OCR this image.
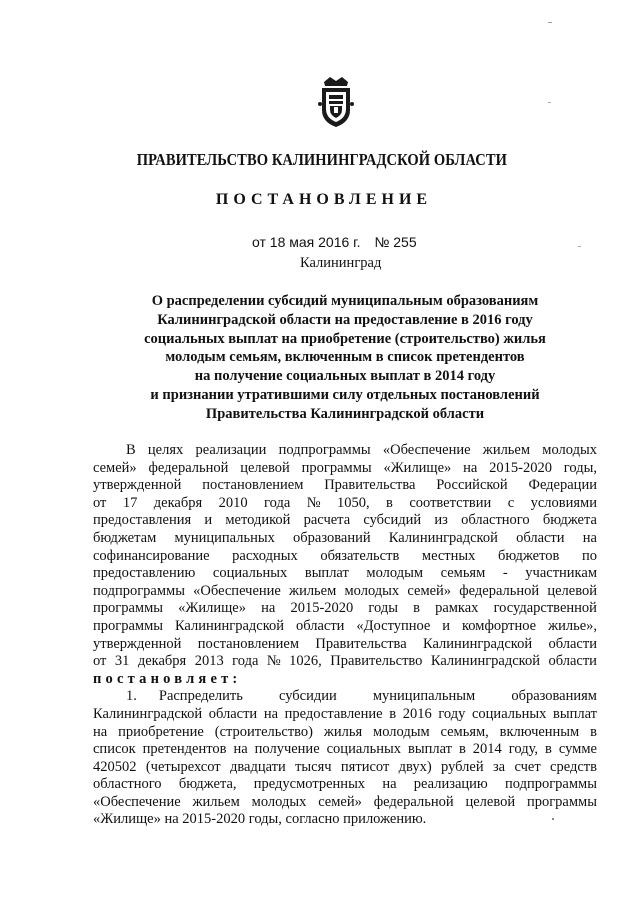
ПРАВИТЕЛЬСТВО КАЛИНИНГРАДСКОЙ ОБЛАСТИ
ПОСТАНОВЛЕНИЕ
от 18 мая 2016 г. № 255
Калининград
О распределении субсидий муниципальным образованиям
Калининградской области на предоставление в 2016 году
социальных выплат на приобретение (строительство) жилья
молодым семьям, включенным в список претендентов
на получение социальных выплат в 2014 году
и признании утратившими силу отдельных постановлений
Правительства Калининградской области
В целях реализации подпрограммы «Обеспечение жильем молодых
семей» федеральной целевой программы «Жилище» на 2015-2020 годы,
утвержденной постановлением Правительства Российской Федерации
от 17 декабря 2010 года № 1050, в соответствии с условиями
предоставления и методикой расчета субсидий из областного бюджета
бюджетам муниципальных образований Калининградской области на
софинансирование расходных обязательств местных бюджетов по
предоставлению социальных выплат молодым семьям - участникам
подпрограммы «Обеспечение жильем молодых семей» федеральной целевой
программы «Жилище» на 2015-2020 годы в рамках государственной
программы Калининградской области «Доступное и комфортное жилье»,
утвержденной постановлением Правительства Калининградской области
от 31 декабря 2013 года № 1026, Правительство Калининградской области
постановляет:
1. Распределить субсидии муниципальным образованиям
Калининградской области на предоставление в 2016 году социальных выплат
на приобретение (строительство) жилья молодым семьям, включенным в
список претендентов на получение социальных выплат в 2014 году, в сумме
420502 (четырехсот двадцати тысяч пятисот двух) рублей за счет средств
областного бюджета, предусмотренных на реализацию подпрограммы
«Обеспечение жильем молодых семей» федеральной целевой программы
«Жилище» на 2015-2020 годы, согласно приложению.
